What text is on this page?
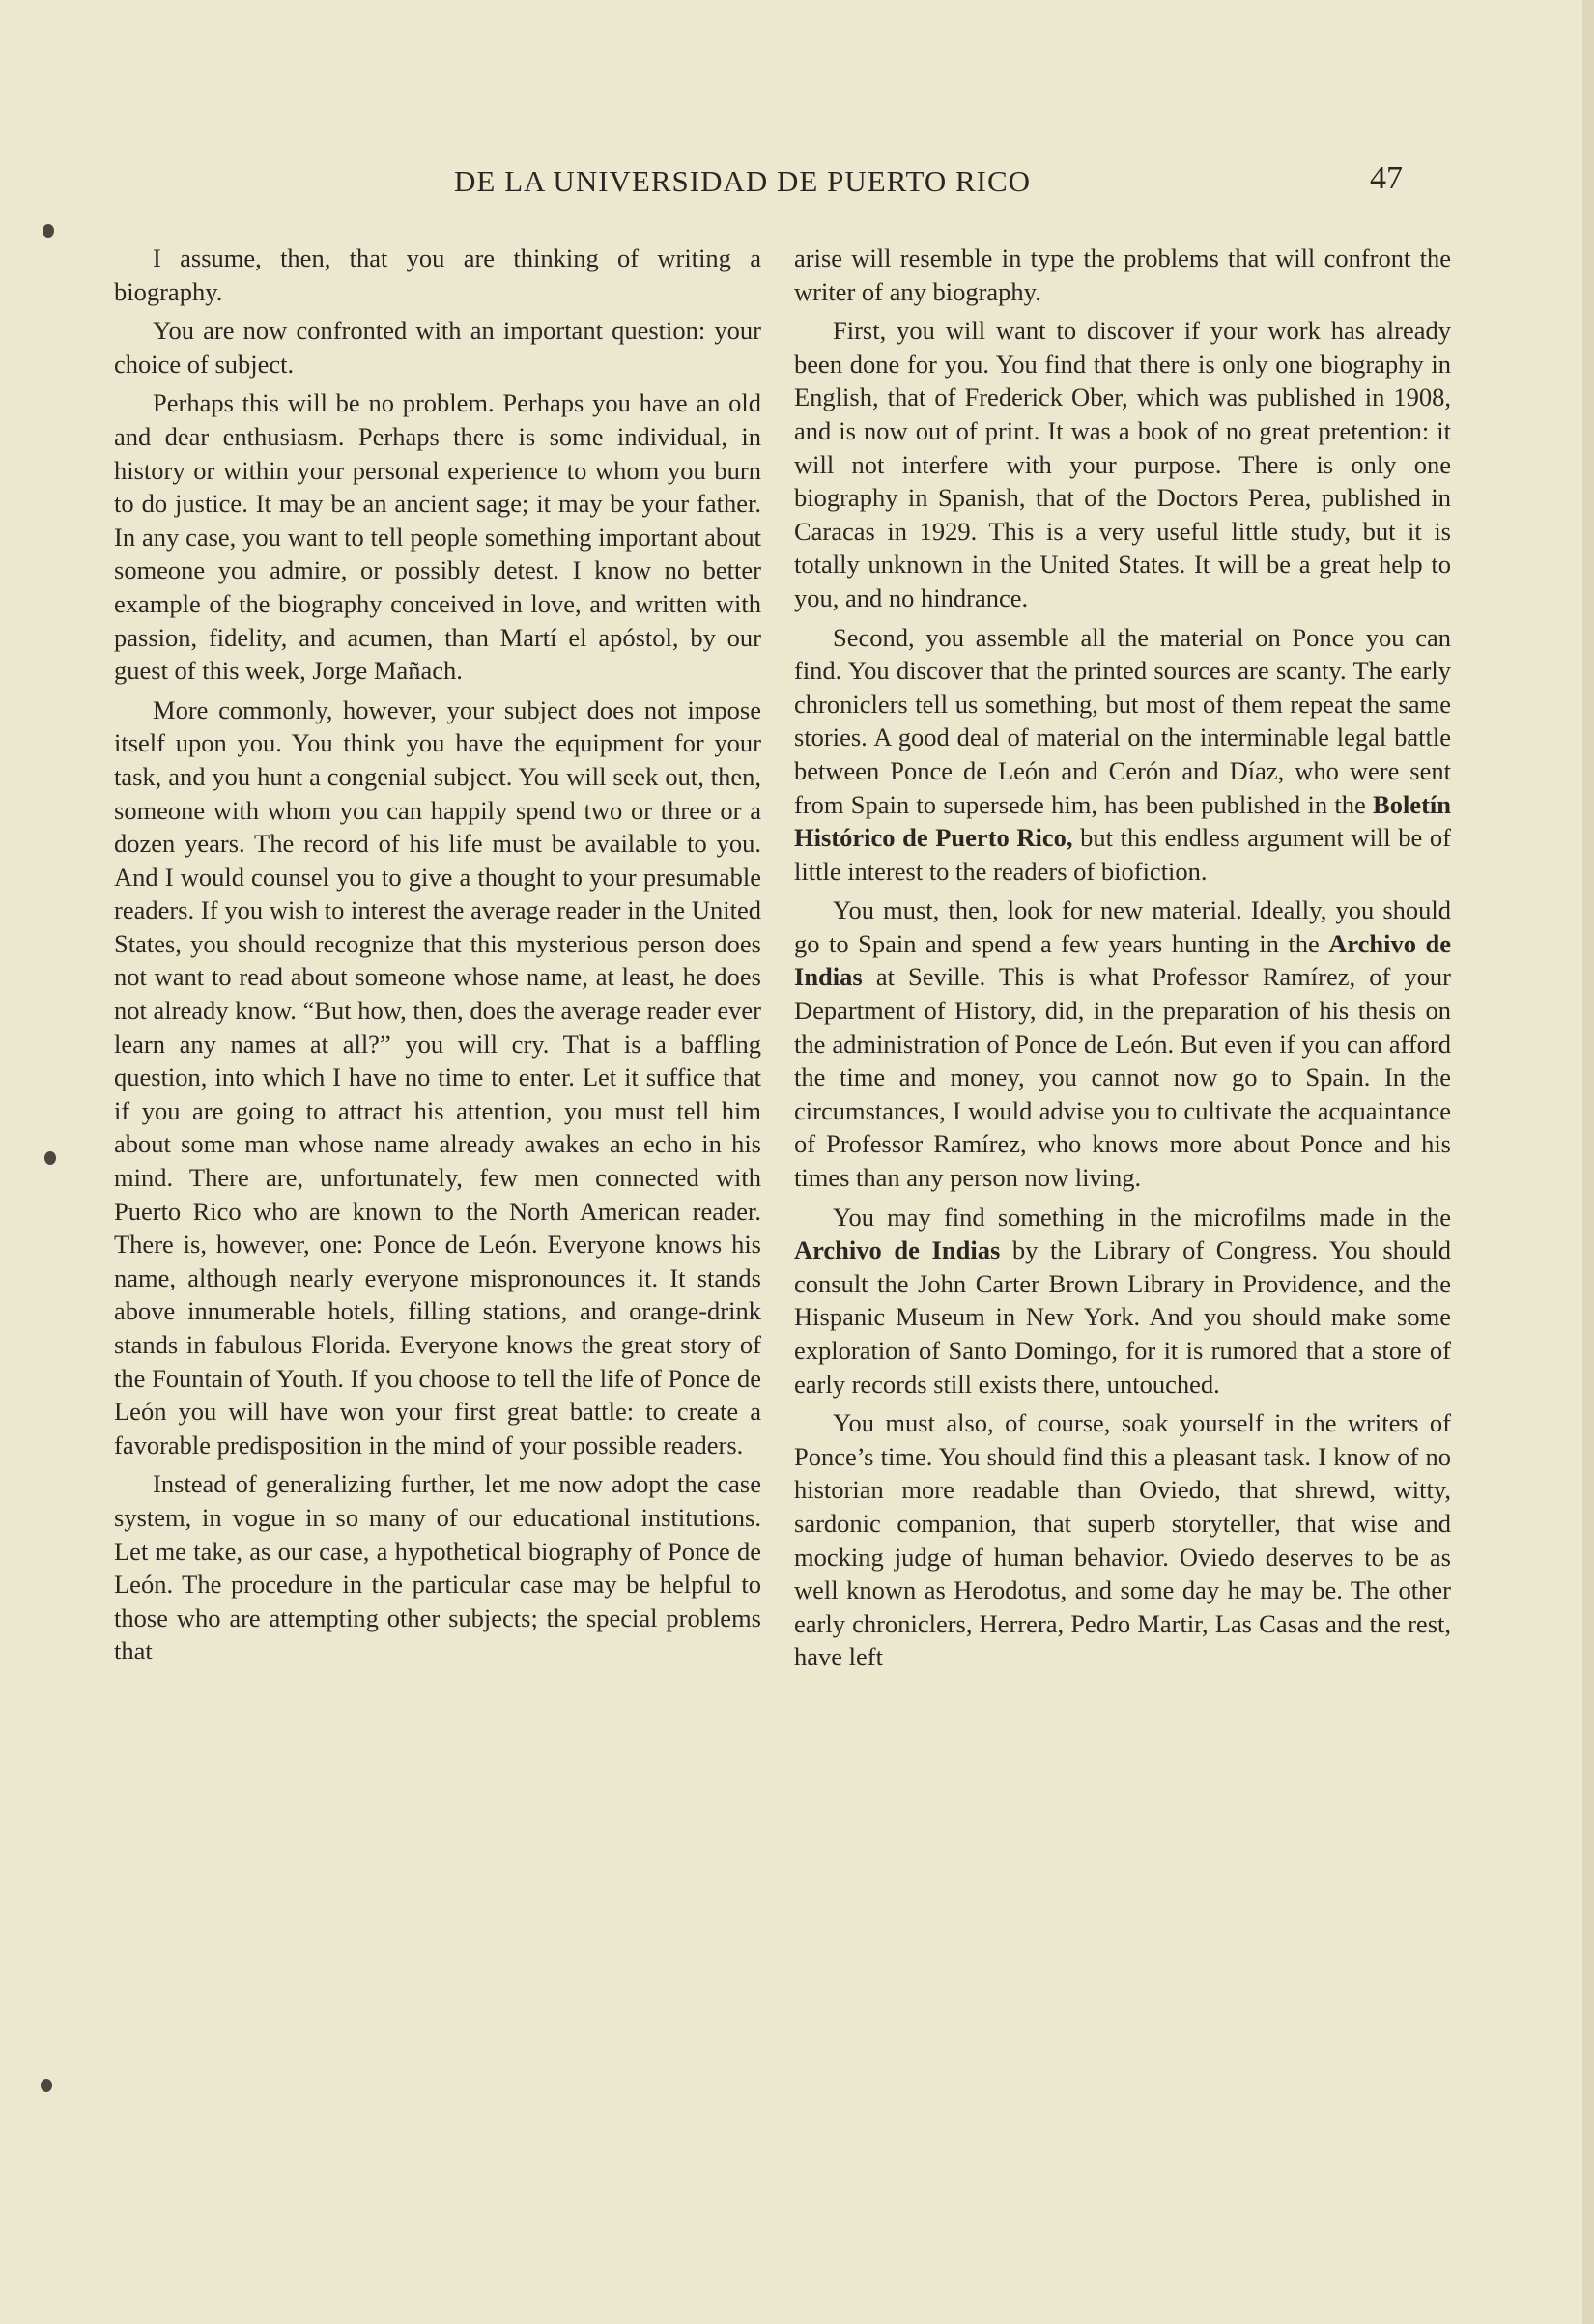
DE LA UNIVERSIDAD DE PUERTO RICO	47

I assume, then, that you are thinking of writing a biography.

You are now confronted with an important question: your choice of subject.

Perhaps this will be no problem. Perhaps you have an old and dear enthusiasm. Perhaps there is some individual, in history or within your personal experience to whom you burn to do justice. It may be an ancient sage; it may be your father. In any case, you want to tell people something important about someone you admire, or possibly detest. I know no better example of the biography conceived in love, and written with passion, fidelity, and acumen, than Martí el apóstol, by our guest of this week, Jorge Mañach.

More commonly, however, your subject does not impose itself upon you. You think you have the equipment for your task, and you hunt a congenial subject. You will seek out, then, someone with whom you can happily spend two or three or a dozen years. The record of his life must be available to you. And I would counsel you to give a thought to your presumable readers. If you wish to interest the average reader in the United States, you should recognize that this mysterious person does not want to read about someone whose name, at least, he does not already know. “But how, then, does the average reader ever learn any names at all?” you will cry. That is a baffling question, into which I have no time to enter. Let it suffice that if you are going to attract his attention, you must tell him about some man whose name already awakes an echo in his mind. There are, unfortunately, few men connected with Puerto Rico who are known to the North American reader. There is, however, one: Ponce de León. Everyone knows his name, although nearly everyone mispronounces it. It stands above innumerable hotels, filling stations, and orange-drink stands in fabulous Florida. Everyone knows the great story of the Fountain of Youth. If you choose to tell the life of Ponce de León you will have won your first great battle: to create a favorable predisposition in the mind of your possible readers.

Instead of generalizing further, let me now adopt the case system, in vogue in so many of our educational institutions. Let me take, as our case, a hypothetical biography of Ponce de León. The procedure in the particular case may be helpful to those who are attempting other subjects; the special problems that

arise will resemble in type the problems that will confront the writer of any biography.

First, you will want to discover if your work has already been done for you. You find that there is only one biography in English, that of Frederick Ober, which was published in 1908, and is now out of print. It was a book of no great pretention: it will not interfere with your purpose. There is only one biography in Spanish, that of the Doctors Perea, published in Caracas in 1929. This is a very useful little study, but it is totally unknown in the United States. It will be a great help to you, and no hindrance.

Second, you assemble all the material on Ponce you can find. You discover that the printed sources are scanty. The early chroniclers tell us something, but most of them repeat the same stories. A good deal of material on the interminable legal battle between Ponce de León and Cerón and Díaz, who were sent from Spain to supersede him, has been published in the Boletín Histórico de Puerto Rico, but this endless argument will be of little interest to the readers of biofiction.

You must, then, look for new material. Ideally, you should go to Spain and spend a few years hunting in the Archivo de Indias at Seville. This is what Professor Ramírez, of your Department of History, did, in the preparation of his thesis on the administration of Ponce de León. But even if you can afford the time and money, you cannot now go to Spain. In the circumstances, I would advise you to cultivate the acquaintance of Professor Ramírez, who knows more about Ponce and his times than any person now living.

You may find something in the microfilms made in the Archivo de Indias by the Library of Congress. You should consult the John Carter Brown Library in Providence, and the Hispanic Museum in New York. And you should make some exploration of Santo Domingo, for it is rumored that a store of early records still exists there, untouched.

You must also, of course, soak yourself in the writers of Ponce’s time. You should find this a pleasant task. I know of no historian more readable than Oviedo, that shrewd, witty, sardonic companion, that superb storyteller, that wise and mocking judge of human behavior. Oviedo deserves to be as well known as Herodotus, and some day he may be. The other early chroniclers, Herrera, Pedro Martir, Las Casas and the rest, have left
